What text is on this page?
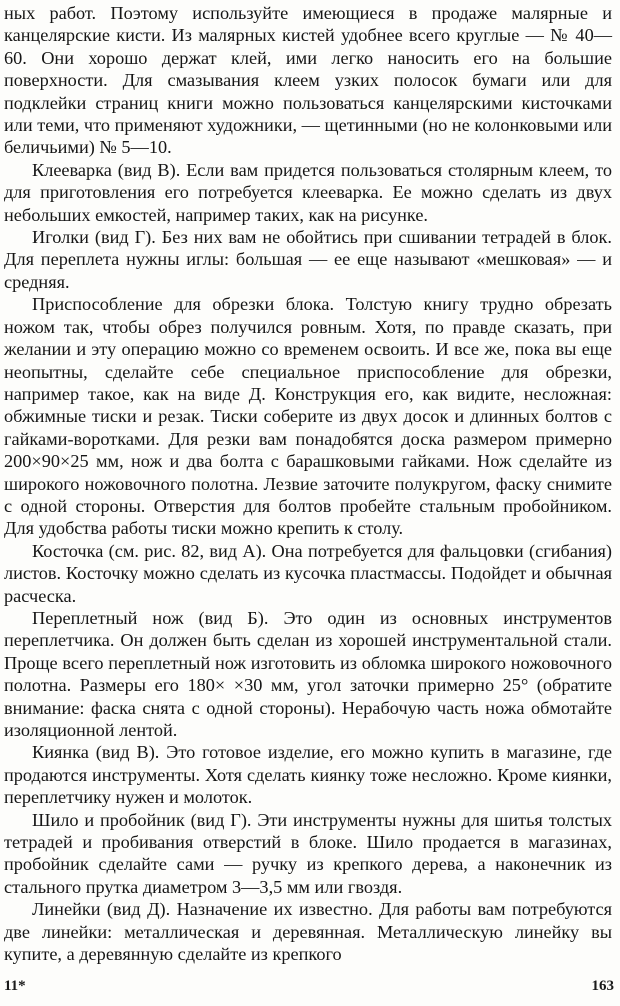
ных работ. Поэтому используйте имеющиеся в продаже малярные и канцелярские кисти. Из малярных кистей удобнее всего круглые — № 40—60. Они хорошо держат клей, ими легко наносить его на большие поверхности. Для смазывания клеем узких полосок бумаги или для подклейки страниц книги можно пользоваться канцелярскими кисточками или теми, что применяют художники, — щетинными (но не колонковыми или беличьими) № 5—10.

Клееварка (вид В). Если вам придется пользоваться столярным клеем, то для приготовления его потребуется клееварка. Ее можно сделать из двух небольших емкостей, например таких, как на рисунке.

Иголки (вид Г). Без них вам не обойтись при сшивании тетрадей в блок. Для переплета нужны иглы: большая — ее еще называют «мешковая» — и средняя.

Приспособление для обрезки блока. Толстую книгу трудно обрезать ножом так, чтобы обрез получился ровным. Хотя, по правде сказать, при желании и эту операцию можно со временем освоить. И все же, пока вы еще неопытны, сделайте себе специальное приспособление для обрезки, например такое, как на виде Д. Конструкция его, как видите, несложная: обжимные тиски и резак. Тиски соберите из двух досок и длинных болтов с гайками-воротками. Для резки вам понадобятся доска размером примерно 200×90×25 мм, нож и два болта с барашковыми гайками. Нож сделайте из широкого ножовочного полотна. Лезвие заточите полукругом, фаску снимите с одной стороны. Отверстия для болтов пробейте стальным пробойником. Для удобства работы тиски можно крепить к столу.

Косточка (см. рис. 82, вид А). Она потребуется для фальцовки (сгибания) листов. Косточку можно сделать из кусочка пластмассы. Подойдет и обычная расческа.

Переплетный нож (вид Б). Это один из основных инструментов переплетчика. Он должен быть сделан из хорошей инструментальной стали. Проще всего переплетный нож изготовить из обломка широкого ножовочного полотна. Размеры его 180× ×30 мм, угол заточки примерно 25° (обратите внимание: фаска снята с одной стороны). Нерабочую часть ножа обмотайте изоляционной лентой.

Киянка (вид В). Это готовое изделие, его можно купить в магазине, где продаются инструменты. Хотя сделать киянку тоже несложно. Кроме киянки, переплетчику нужен и молоток.

Шило и пробойник (вид Г). Эти инструменты нужны для шитья толстых тетрадей и пробивания отверстий в блоке. Шило продается в магазинах, пробойник сделайте сами — ручку из крепкого дерева, а наконечник из стального прутка диаметром 3—3,5 мм или гвоздя.

Линейки (вид Д). Назначение их известно. Для работы вам потребуются две линейки: металлическая и деревянная. Металлическую линейку вы купите, а деревянную сделайте из крепкого

11*	163
